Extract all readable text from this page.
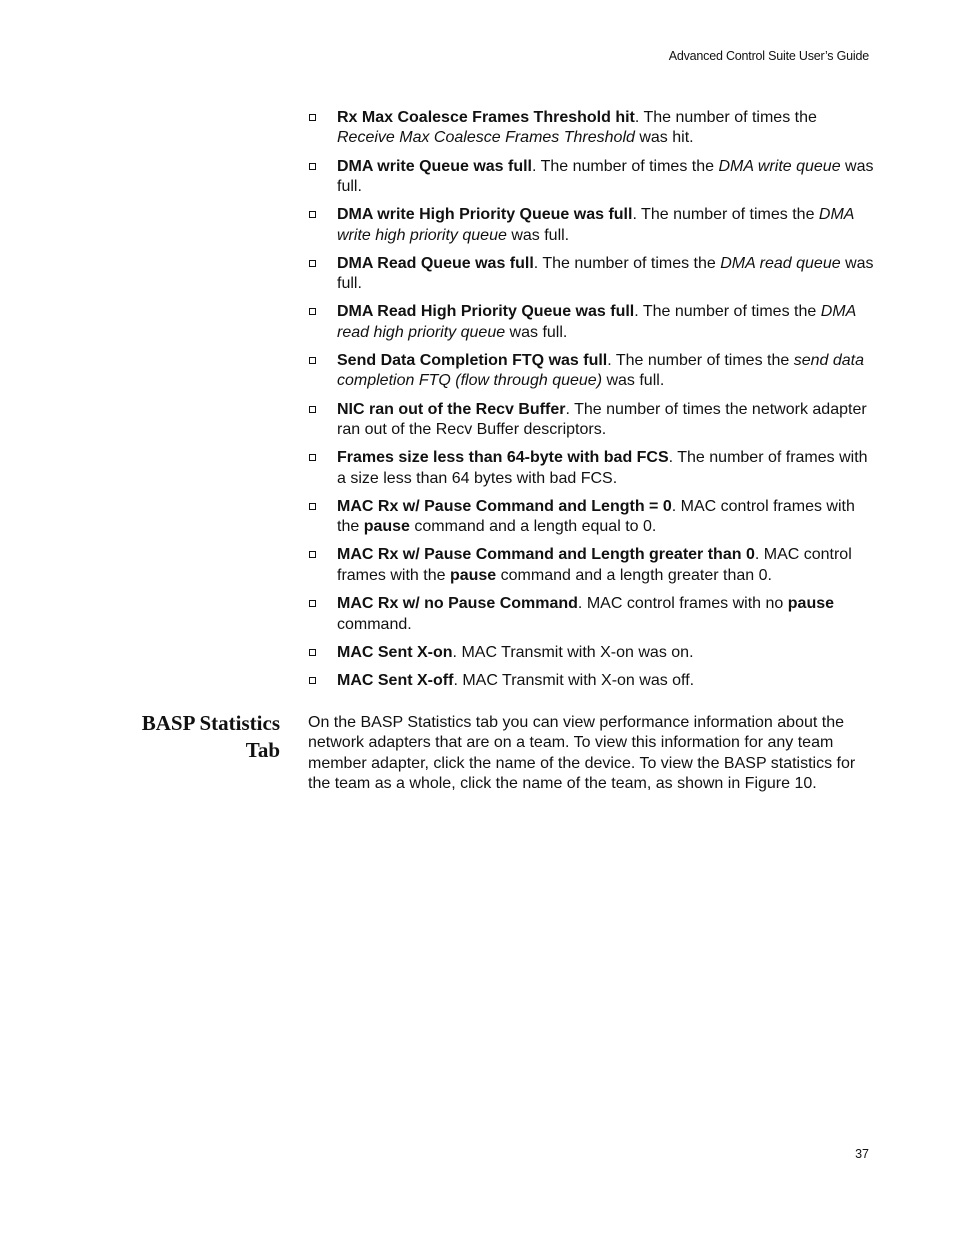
Advanced Control Suite User’s Guide
Rx Max Coalesce Frames Threshold hit. The number of times the Receive Max Coalesce Frames Threshold was hit.
DMA write Queue was full. The number of times the DMA write queue was full.
DMA write High Priority Queue was full. The number of times the DMA write high priority queue was full.
DMA Read Queue was full. The number of times the DMA read queue was full.
DMA Read High Priority Queue was full. The number of times the DMA read high priority queue was full.
Send Data Completion FTQ was full. The number of times the send data completion FTQ (flow through queue) was full.
NIC ran out of the Recv Buffer. The number of times the network adapter ran out of the Recv Buffer descriptors.
Frames size less than 64-byte with bad FCS. The number of frames with a size less than 64 bytes with bad FCS.
MAC Rx w/ Pause Command and Length = 0. MAC control frames with the pause command and a length equal to 0.
MAC Rx w/ Pause Command and Length greater than 0. MAC control frames with the pause command and a length greater than 0.
MAC Rx w/ no Pause Command. MAC control frames with no pause command.
MAC Sent X-on. MAC Transmit with X-on was on.
MAC Sent X-off. MAC Transmit with X-on was off.
BASP Statistics
Tab

On the BASP Statistics tab you can view performance information about the network adapters that are on a team. To view this information for any team member adapter, click the name of the device. To view the BASP statistics for the team as a whole, click the name of the team, as shown in Figure 10.

37
